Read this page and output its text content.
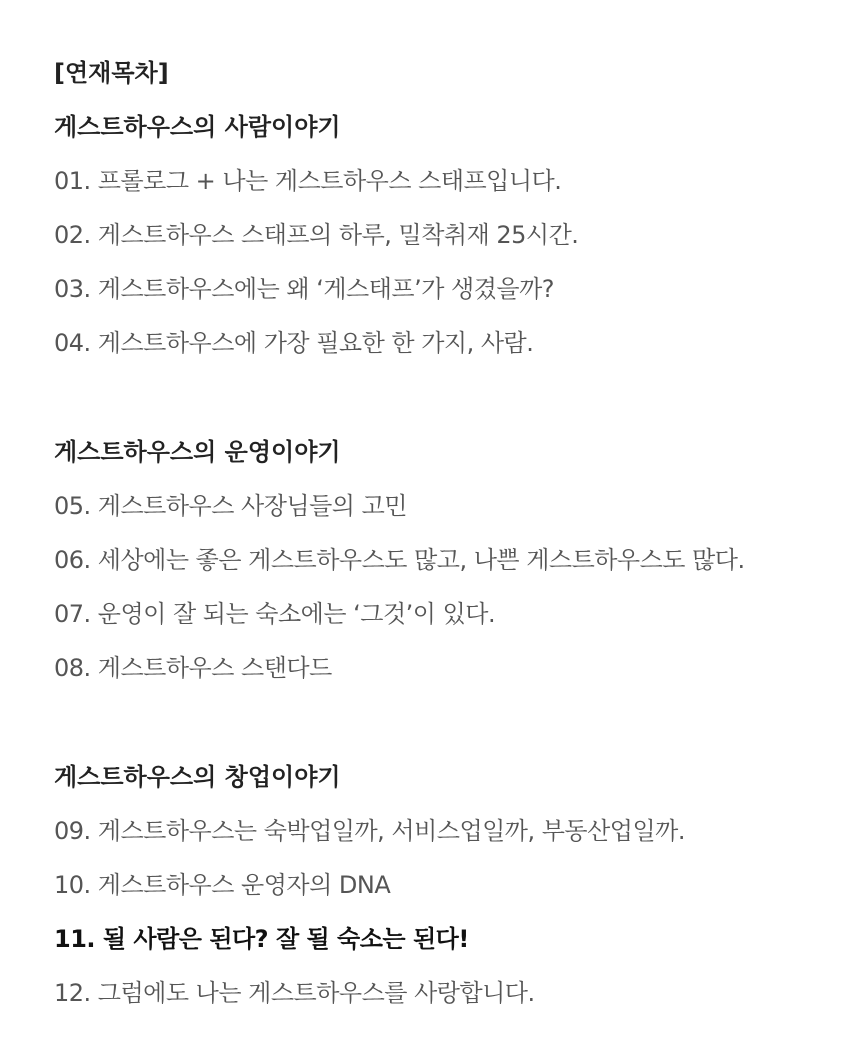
[연재목차]
게스트하우스의 사람이야기
01. 프롤로그 + 나는 게스트하우스 스태프입니다.
02. 게스트하우스 스태프의 하루, 밀착취재 25시간.
03. 게스트하우스에는 왜 ‘게스태프’가 생겼을까?
04. 게스트하우스에 가장 필요한 한 가지, 사람.
게스트하우스의 운영이야기
05. 게스트하우스 사장님들의 고민
06. 세상에는 좋은 게스트하우스도 많고, 나쁜 게스트하우스도 많다.
07. 운영이 잘 되는 숙소에는 ‘그것’이 있다.
08. 게스트하우스 스탠다드
게스트하우스의 창업이야기
09. 게스트하우스는 숙박업일까, 서비스업일까, 부동산업일까.
10. 게스트하우스 운영자의 DNA
11. 될 사람은 된다? 잘 될 숙소는 된다!
12. 그럼에도 나는 게스트하우스를 사랑합니다.
